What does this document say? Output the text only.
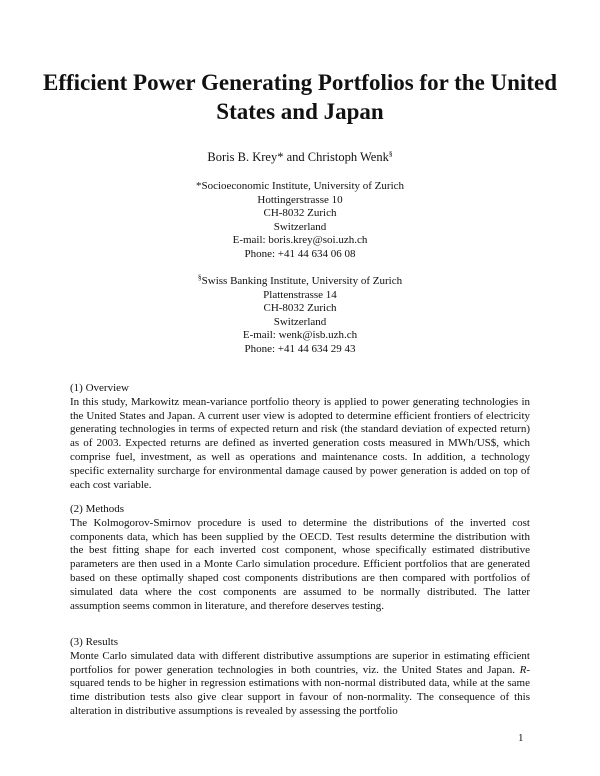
Efficient Power Generating Portfolios for the United States and Japan

Boris B. Krey* and Christoph Wenk§

*Socioeconomic Institute, University of Zurich

Hottingerstrasse 10

CH-8032 Zurich

Switzerland

E-mail: boris.krey@soi.uzh.ch

Phone: +41 44 634 06 08

§Swiss Banking Institute, University of Zurich

Plattenstrasse 14

CH-8032 Zurich

Switzerland

E-mail: wenk@isb.uzh.ch

Phone: +41 44 634 29 43

(1) Overview

In this study, Markowitz mean-variance portfolio theory is applied to power generating technologies in the United States and Japan. A current user view is adopted to determine efficient frontiers of electricity generating technologies in terms of expected return and risk (the standard deviation of expected return) as of 2003. Expected returns are defined as inverted generation costs measured in MWh/US$, which comprise fuel, investment, as well as operations and maintenance costs. In addition, a technology specific externality surcharge for environmental damage caused by power generation is added on top of each cost variable.

(2) Methods

The Kolmogorov-Smirnov procedure is used to determine the distributions of the inverted cost components data, which has been supplied by the OECD. Test results determine the distribution with the best fitting shape for each inverted cost component, whose specifically estimated distributive parameters are then used in a Monte Carlo simulation procedure. Efficient portfolios that are generated based on these optimally shaped cost components distributions are then compared with portfolios of simulated data where the cost components are assumed to be normally distributed. The latter assumption seems common in literature, and therefore deserves testing.

(3) Results

Monte Carlo simulated data with different distributive assumptions are superior in estimating efficient portfolios for power generation technologies in both countries, viz. the United States and Japan. R-squared tends to be higher in regression estimations with non-normal distributed data, while at the same time distribution tests also give clear support in favour of non-normality. The consequence of this alteration in distributive assumptions is revealed by assessing the portfolio

1
